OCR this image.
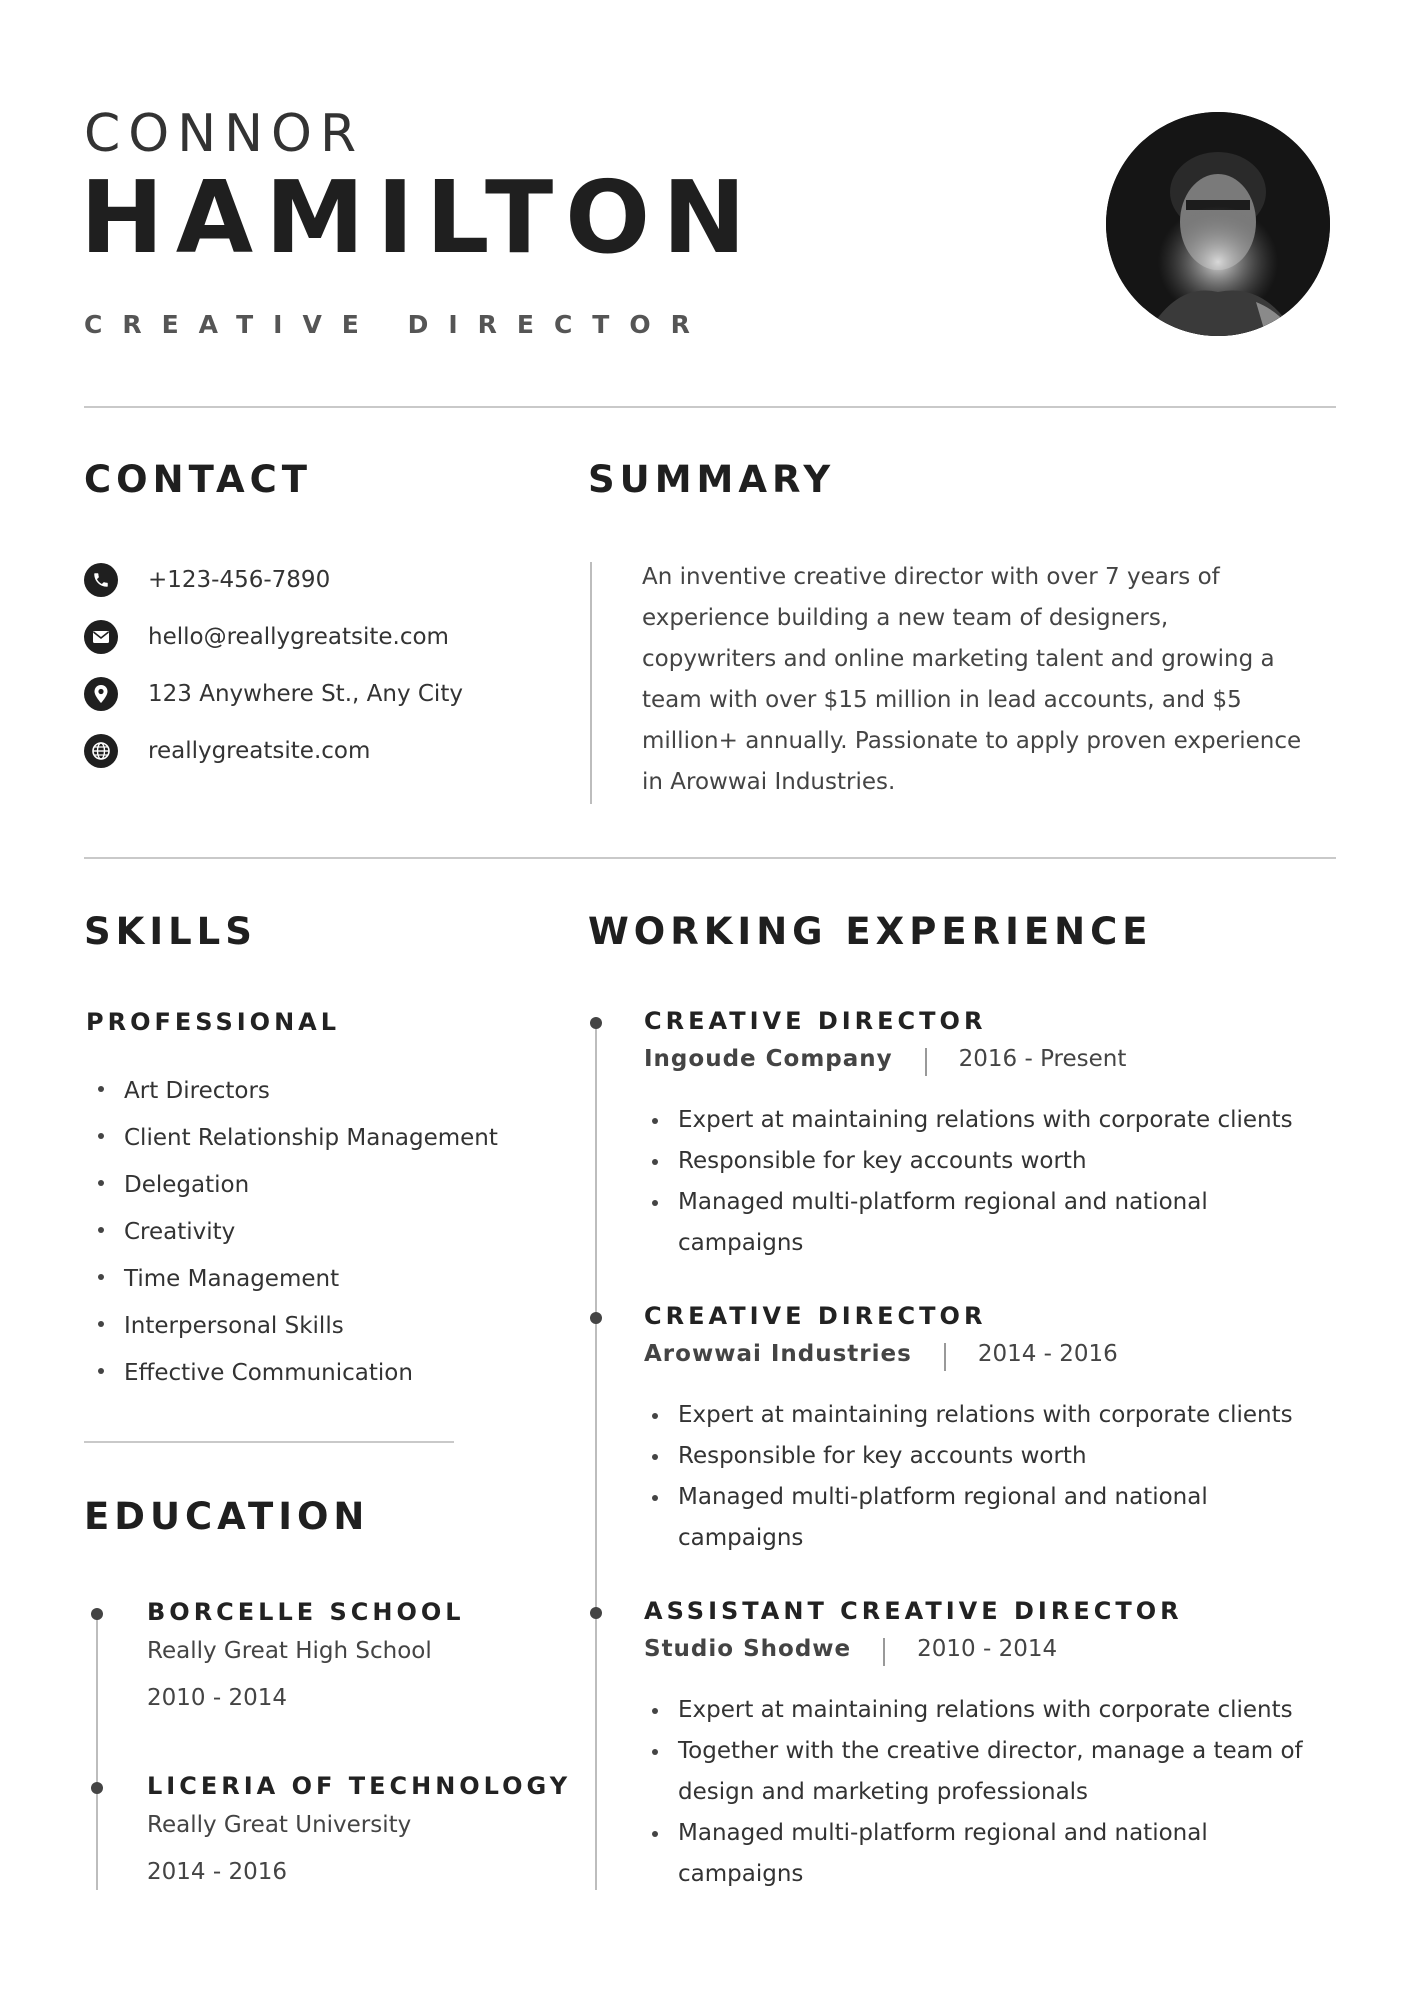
CONNOR
HAMILTON
CREATIVE DIRECTOR
CONTACT
+123-456-7890
hello@reallygreatsite.com
123 Anywhere St., Any City
reallygreatsite.com
SUMMARY
An inventive creative director with over 7 years of
experience building a new team of designers,
copywriters and online marketing talent and growing a
team with over $15 million in lead accounts, and $5
million+ annually. Passionate to apply proven experience
in Arowwai Industries.
SKILLS
PROFESSIONAL
Art Directors
Client Relationship Management
Delegation
Creativity
Time Management
Interpersonal Skills
Effective Communication
EDUCATION
BORCELLE SCHOOL
Really Great High School
2010 - 2014
LICERIA OF TECHNOLOGY
Really Great University
2014 - 2016
WORKING EXPERIENCE
CREATIVE DIRECTOR
Ingoude Company	2016 - Present
Expert at maintaining relations with corporate clients
Responsible for key accounts worth
Managed multi-platform regional and national campaigns
CREATIVE DIRECTOR
Arowwai Industries	2014 - 2016
Expert at maintaining relations with corporate clients
Responsible for key accounts worth
Managed multi-platform regional and national campaigns
ASSISTANT CREATIVE DIRECTOR
Studio Shodwe	2010 - 2014
Expert at maintaining relations with corporate clients
Together with the creative director, manage a team of design and marketing professionals
Managed multi-platform regional and national campaigns
